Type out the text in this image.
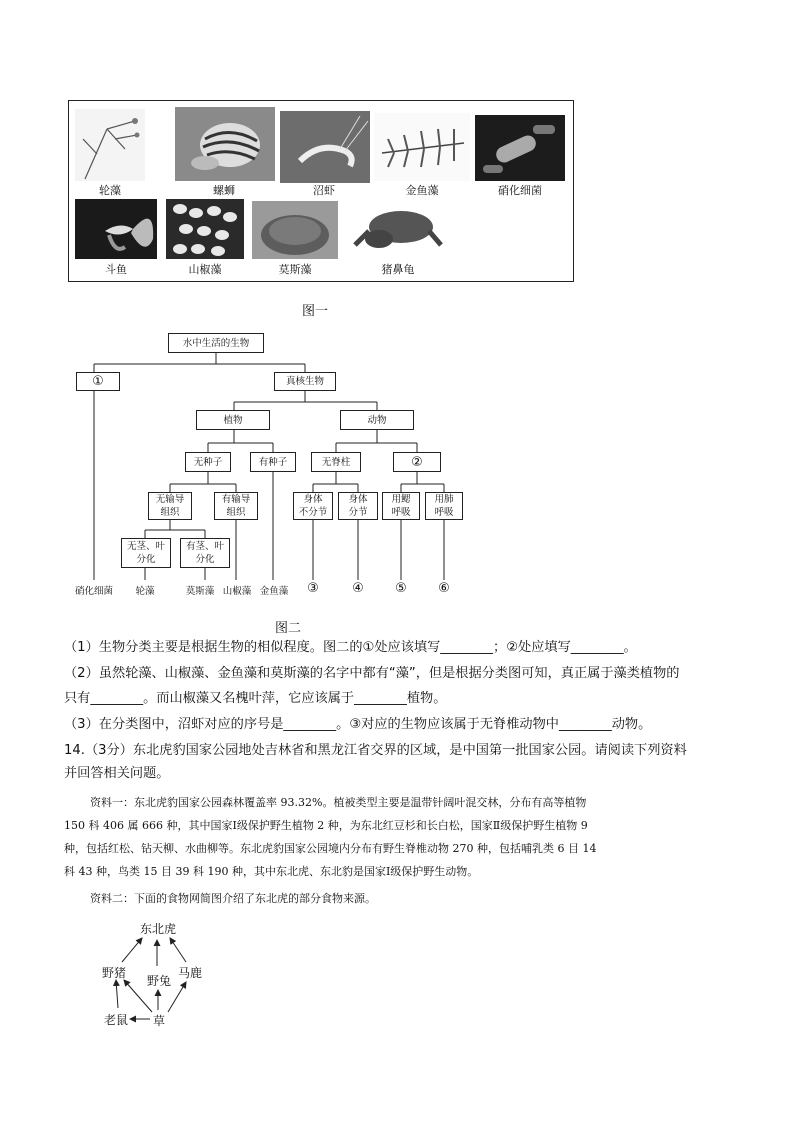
轮藻	螺蛳	沼虾	金鱼藻	硝化细菌
斗鱼	山椒藻	莫斯藻	猪鼻龟
图一
水中生活的生物
①	真核生物
植物	动物
无种子	有种子	无脊柱	②
无输导
组织
有输导
组织
身体
不分节
身体
分节
用鳃
呼吸
用肺
呼吸
无茎、叶
分化
有茎、叶
分化
硝化细菌	轮藻	莫斯藻 山椒藻 金鱼藻	③	④	⑤	⑥
图二
（1）生物分类主要是根据生物的相似程度。图二的①处应该填写________；②处应填写________。
（2）虽然轮藻、山椒藻、金鱼藻和莫斯藻的名字中都有“藻”，但是根据分类图可知，真正属于藻类植物的
只有________。而山椒藻又名槐叶萍，它应该属于________植物。
（3）在分类图中，沼虾对应的序号是________。③对应的生物应该属于无脊椎动物中________动物。
14.（3分）东北虎豹国家公园地处吉林省和黑龙江省交界的区域，是中国第一批国家公园。请阅读下列资料
并回答相关问题。
资料一：东北虎豹国家公园森林覆盖率 93.32%。植被类型主要是温带针阔叶混交林，分布有高等植物
150 科 406 属 666 种，其中国家Ⅰ级保护野生植物 2 种，为东北红豆杉和长白松，国家Ⅱ级保护野生植物 9
种，包括红松、钻天柳、水曲柳等。东北虎豹国家公园境内分布有野生脊椎动物 270 种，包括哺乳类 6 目 14
科 43 种，鸟类 15 目 39 科 190 种，其中东北虎、东北豹是国家Ⅰ级保护野生动物。
资料二：下面的食物网简图介绍了东北虎的部分食物来源。
东北虎
野猪
野兔
马鹿
老鼠 草
